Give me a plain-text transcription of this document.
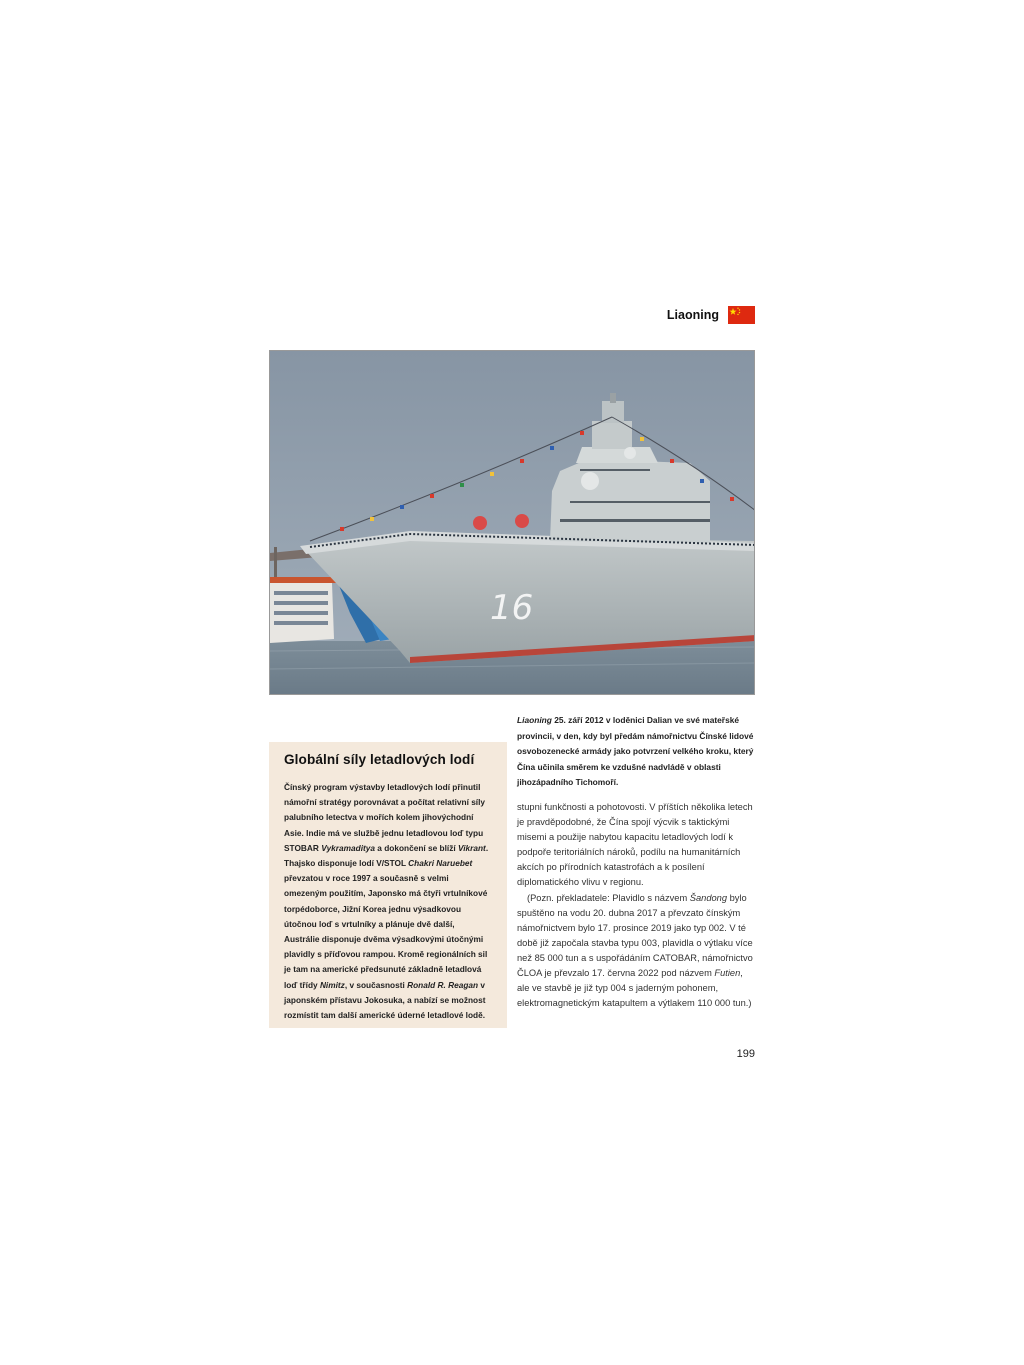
Liaoning
16
Liaoning 25. září 2012 v loděnici Dalian ve své mateřské provincii, v den, kdy byl předám námořnictvu Čínské lidové osvobozenecké armády jako potvrzení velkého kroku, který Čína učinila směrem ke vzdušné nadvládě v oblasti jihozápadního Tichomoří.
Globální síly letadlových lodí
Čínský program výstavby letadlových lodí přinutil námořní stratégy porovnávat a počítat relativní síly palubního letectva v mořích kolem jihovýchodní Asie. Indie má ve službě jednu letadlovou loď typu STOBAR Vykramaditya a dokončení se blíží Vikrant. Thajsko disponuje lodí V/STOL Chakri Naruebet převzatou v roce 1997 a současně s velmi omezeným použitím, Japonsko má čtyři vrtulníkové torpédoborce, Jižní Korea jednu výsadkovou útočnou loď s vrtulníky a plánuje dvě další, Austrálie disponuje dvěma výsadkovými útočnými plavidly s příďovou rampou. Kromě regionálních sil je tam na americké předsunuté základně letadlová loď třídy Nimitz, v současnosti Ronald R. Reagan v japonském přístavu Jokosuka, a nabízí se možnost rozmístit tam další americké úderné letadlové lodě.

stupni funkčnosti a pohotovosti. V příštích několika letech je pravděpodobné, že Čína spojí výcvik s taktickými misemi a použije nabytou kapacitu letadlových lodí k podpoře teritoriálních nároků, podílu na humanitárních akcích po přírodních katastrofách a k posílení diplomatického vlivu v regionu.

(Pozn. překladatele: Plavidlo s názvem Šandong bylo spuštěno na vodu 20. dubna 2017 a převzato čínským námořnictvem bylo 17. prosince 2019 jako typ 002. V té době již započala stavba typu 003, plavidla o výtlaku více než 85 000 tun a s uspořádáním CATOBAR, námořnictvo ČLOA je převzalo 17. června 2022 pod názvem Futien, ale ve stavbě je již typ 004 s jaderným pohonem, elektromagnetickým katapultem a výtlakem 110 000 tun.)

199
